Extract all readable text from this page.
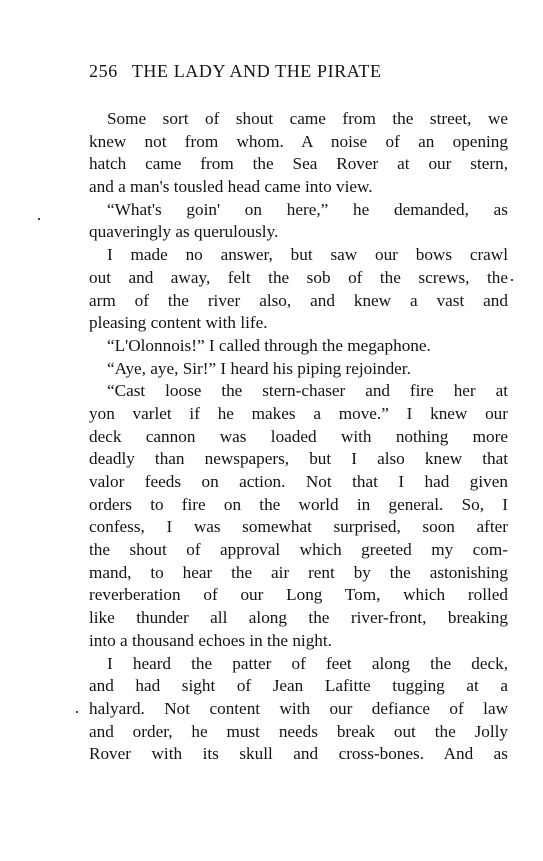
256 THE LADY AND THE PIRATE
Some sort of shout came from the street, we
knew not from whom. A noise of an opening
hatch came from the Sea Rover at our stern,
and a man's tousled head came into view.
“What's goin' on here,” he demanded, as
quaveringly as querulously.
I made no answer, but saw our bows crawl
out and away, felt the sob of the screws, the
arm of the river also, and knew a vast and
pleasing content with life.
“L'Olonnois!” I called through the megaphone.
“Aye, aye, Sir!” I heard his piping rejoinder.
“Cast loose the stern-chaser and fire her at
yon varlet if he makes a move.” I knew our
deck cannon was loaded with nothing more
deadly than newspapers, but I also knew that
valor feeds on action. Not that I had given
orders to fire on the world in general. So, I
confess, I was somewhat surprised, soon after
the shout of approval which greeted my com-
mand, to hear the air rent by the astonishing
reverberation of our Long Tom, which rolled
like thunder all along the river-front, breaking
into a thousand echoes in the night.
I heard the patter of feet along the deck,
and had sight of Jean Lafitte tugging at a
halyard. Not content with our defiance of law
and order, he must needs break out the Jolly
Rover with its skull and cross-bones. And as
